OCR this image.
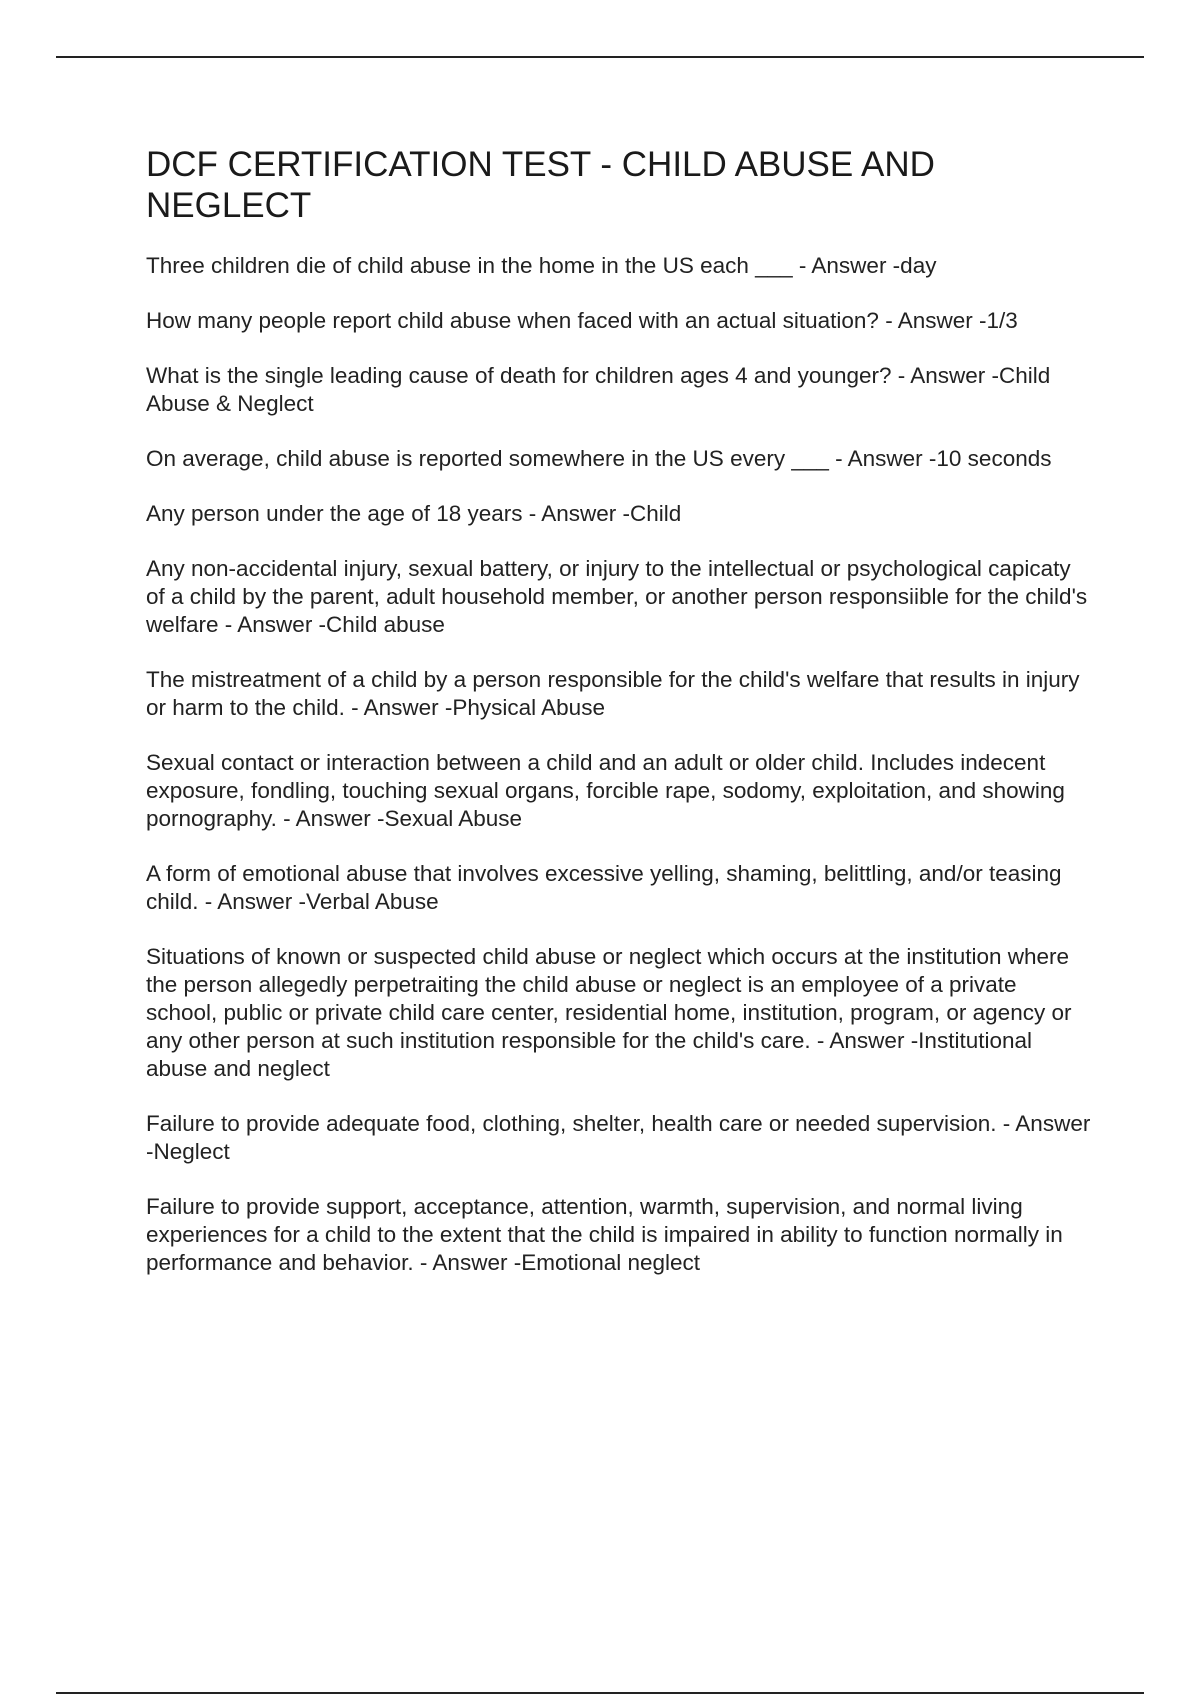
DCF CERTIFICATION TEST - CHILD ABUSE AND NEGLECT

Three children die of child abuse in the home in the US each ___ - Answer -day

How many people report child abuse when faced with an actual situation? - Answer -1/3

What is the single leading cause of death for children ages 4 and younger? - Answer -Child Abuse & Neglect

On average, child abuse is reported somewhere in the US every ___ - Answer -10 seconds

Any person under the age of 18 years - Answer -Child

Any non-accidental injury, sexual battery, or injury to the intellectual or psychological capicaty of a child by the parent, adult household member, or another person responsiible for the child's welfare - Answer -Child abuse

The mistreatment of a child by a person responsible for the child's welfare that results in injury or harm to the child. - Answer -Physical Abuse

Sexual contact or interaction between a child and an adult or older child. Includes indecent exposure, fondling, touching sexual organs, forcible rape, sodomy, exploitation, and showing pornography. - Answer -Sexual Abuse

A form of emotional abuse that involves excessive yelling, shaming, belittling, and/or teasing child. - Answer -Verbal Abuse

Situations of known or suspected child abuse or neglect which occurs at the institution where the person allegedly perpetraiting the child abuse or neglect is an employee of a private school, public or private child care center, residential home, institution, program, or agency or any other person at such institution responsible for the child's care. - Answer -Institutional abuse and neglect

Failure to provide adequate food, clothing, shelter, health care or needed supervision. - Answer -Neglect

Failure to provide support, acceptance, attention, warmth, supervision, and normal living experiences for a child to the extent that the child is impaired in ability to function normally in performance and behavior. - Answer -Emotional neglect
